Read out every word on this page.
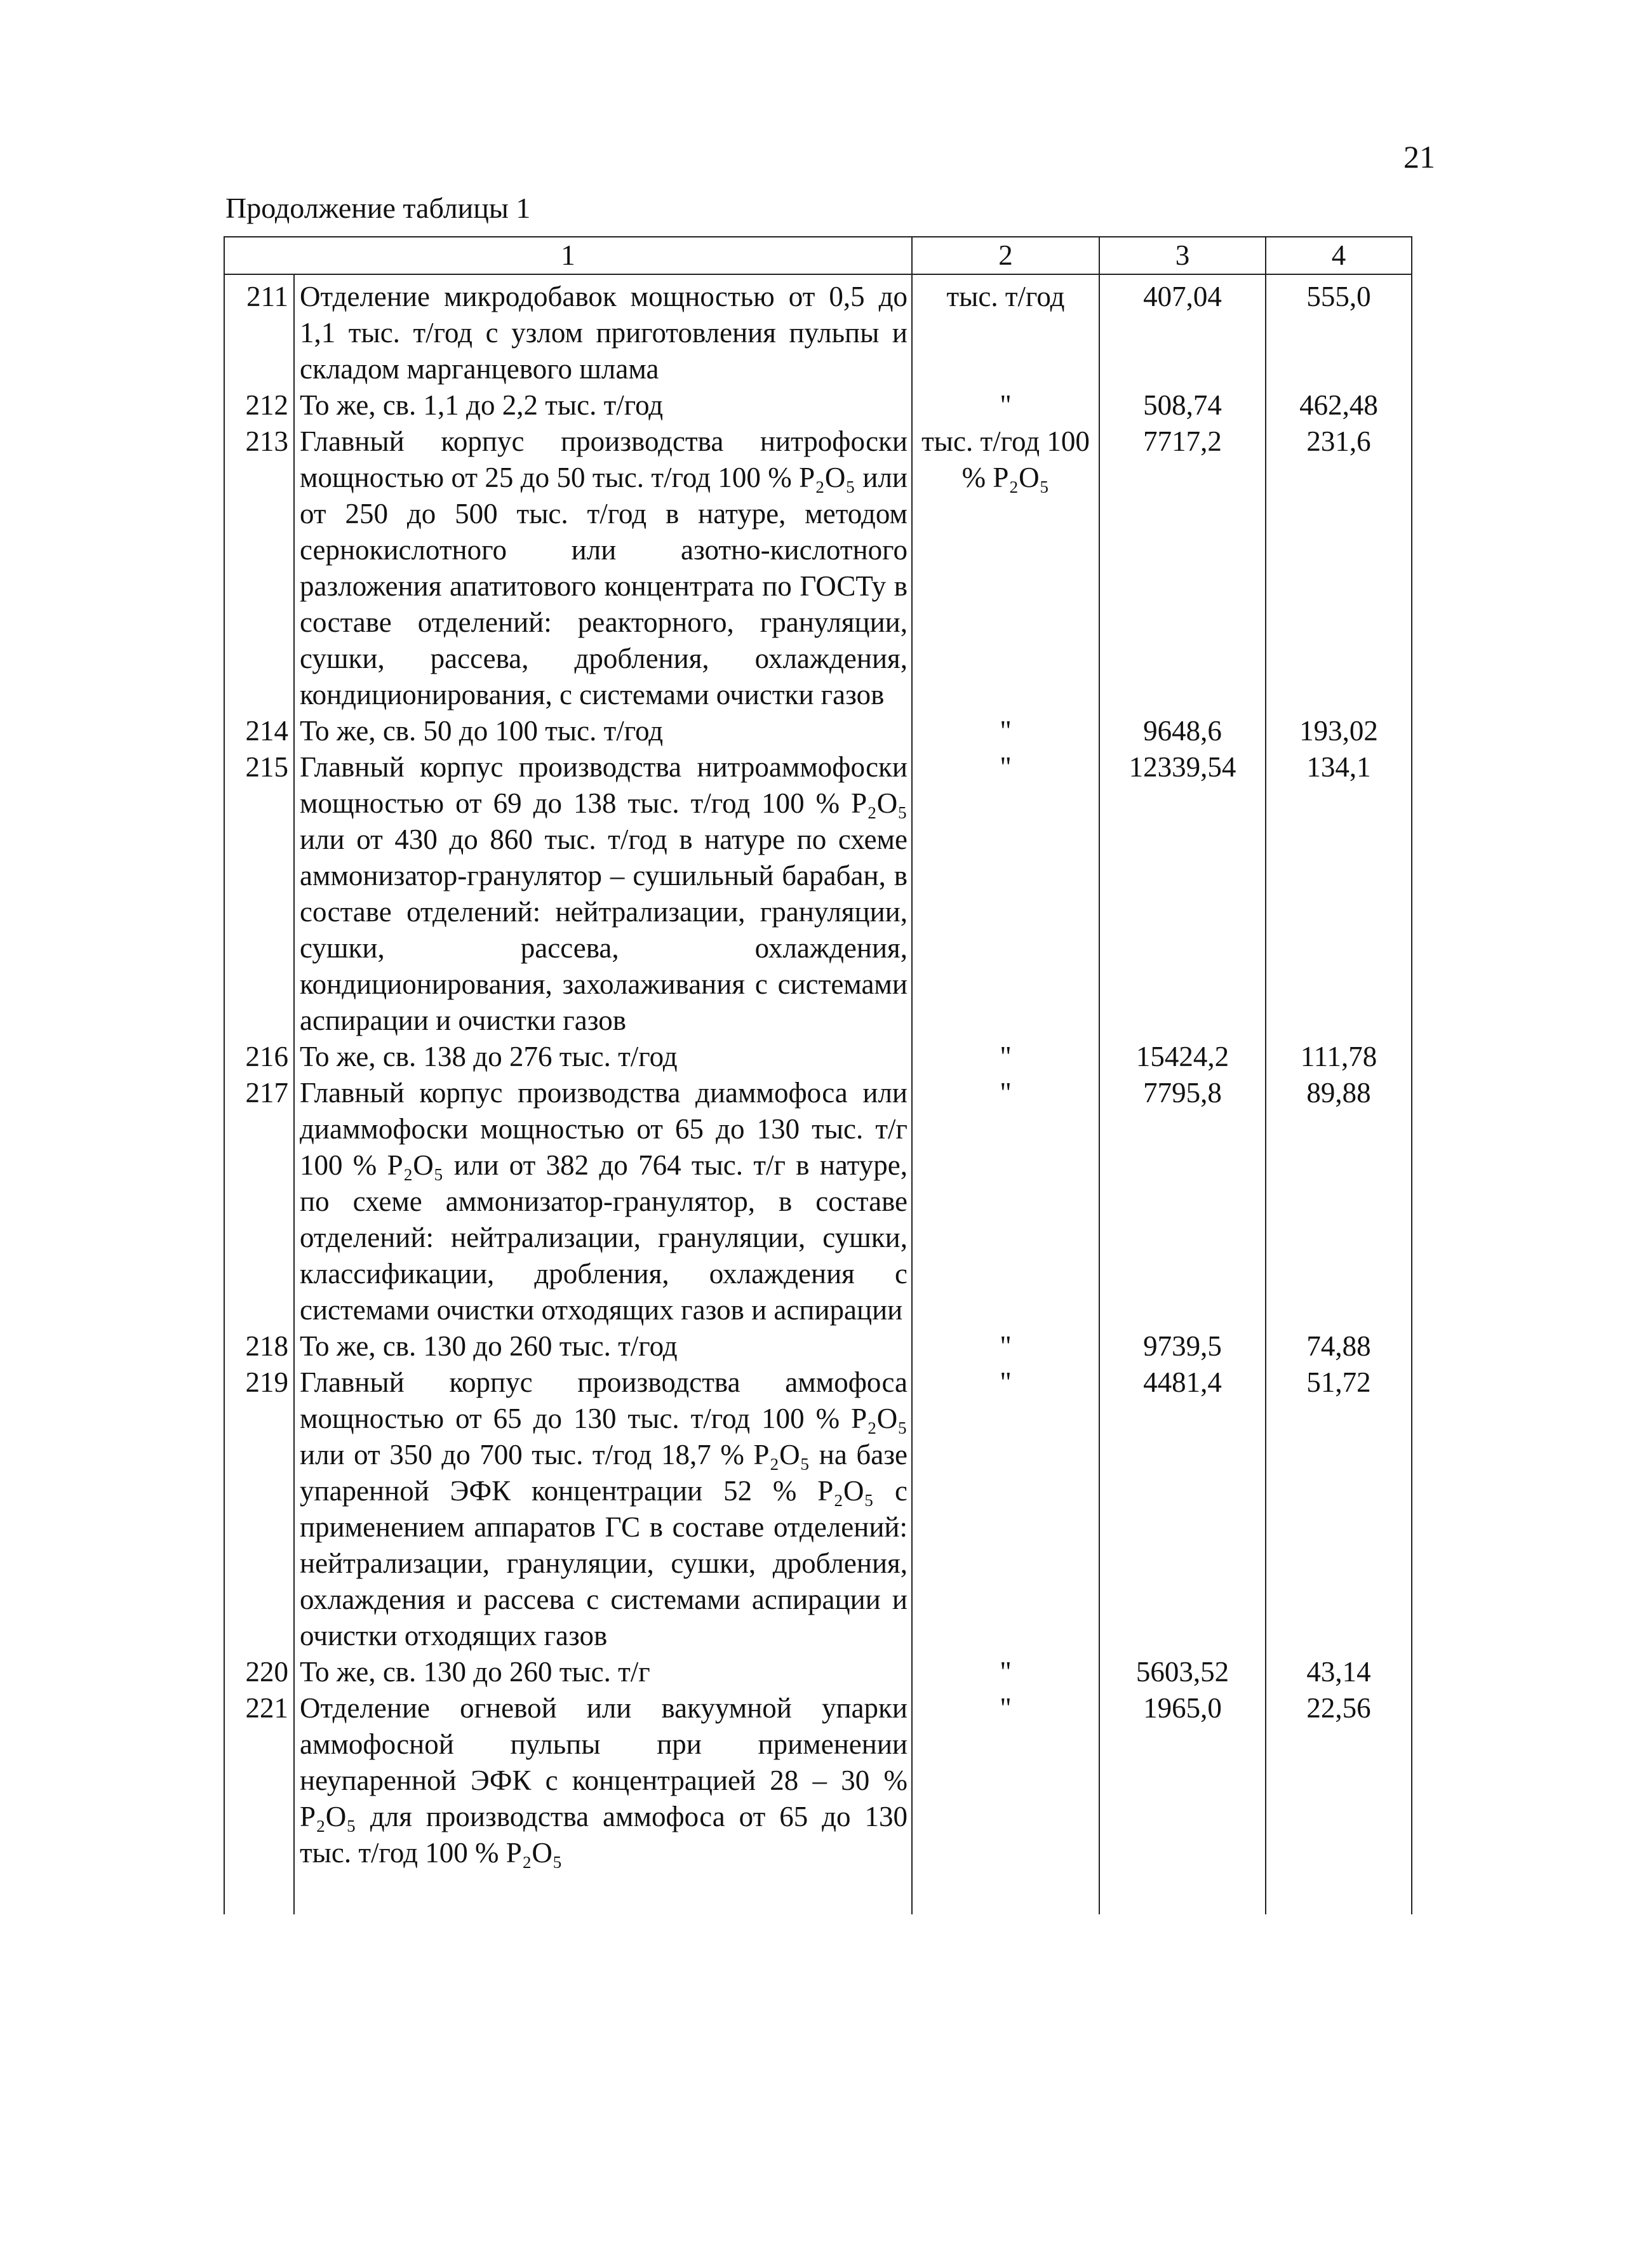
21
Продолжение таблицы 1
1		2	3	4
211	Отделение микродобавок мощностью от 0,5 до 1,1 тыс. т/год с узлом приготовления пульпы и складом марганцевого шлама	тыс. т/год	407,04	555,0
212	То же, св. 1,1 до 2,2 тыс. т/год	"	508,74	462,48
213	Главный корпус производства нитрофоски мощностью от 25 до 50 тыс. т/год 100 % P₂O₅ или от 250 до 500 тыс. т/год в натуре, методом сернокислотного или азотно-кислотного разложения апатитового концентрата по ГОСТу в составе отделений: реакторного, грануляции, сушки, рассева, дробления, охлаждения, кондиционирования, с системами очистки газов	тыс. т/год 100 % P₂O₅	7717,2	231,6
214	То же, св. 50 до 100 тыс. т/год	"	9648,6	193,02
215	Главный корпус производства нитроаммофоски мощностью от 69 до 138 тыс. т/год 100 % P₂O₅ или от 430 до 860 тыс. т/год в натуре по схеме аммонизатор-гранулятор – сушильный барабан, в составе отделений: нейтрализации, грануляции, сушки, рассева, охлаждения, кондиционирования, захолаживания с системами аспирации и очистки газов	"	12339,54	134,1
216	То же, св. 138 до 276 тыс. т/год	"	15424,2	111,78
217	Главный корпус производства диаммофоса или диаммофоски мощностью от 65 до 130 тыс. т/г 100 % P₂O₅ или от 382 до 764 тыс. т/г в натуре, по схеме аммонизатор-гранулятор, в составе отделений: нейтрализации, грануляции, сушки, классификации, дробления, охлаждения с системами очистки отходящих газов и аспирации	"	7795,8	89,88
218	То же, св. 130 до 260 тыс. т/год	"	9739,5	74,88
219	Главный корпус производства аммофоса мощностью от 65 до 130 тыс. т/год 100 % P₂O₅ или от 350 до 700 тыс. т/год 18,7 % P₂O₅ на базе упаренной ЭФК концентрации 52 % P₂O₅ с применением аппаратов ГС в составе отделений: нейтрализации, грануляции, сушки, дробления, охлаждения и рассева с системами аспирации и очистки отходящих газов	"	4481,4	51,72
220	То же, св. 130 до 260 тыс. т/г	"	5603,52	43,14
221	Отделение огневой или вакуумной упарки аммофосной пульпы при применении неупаренной ЭФК с концентрацией 28 – 30 % P₂O₅ для производства аммофоса от 65 до 130 тыс. т/год 100 % P₂O₅	"	1965,0	22,56
